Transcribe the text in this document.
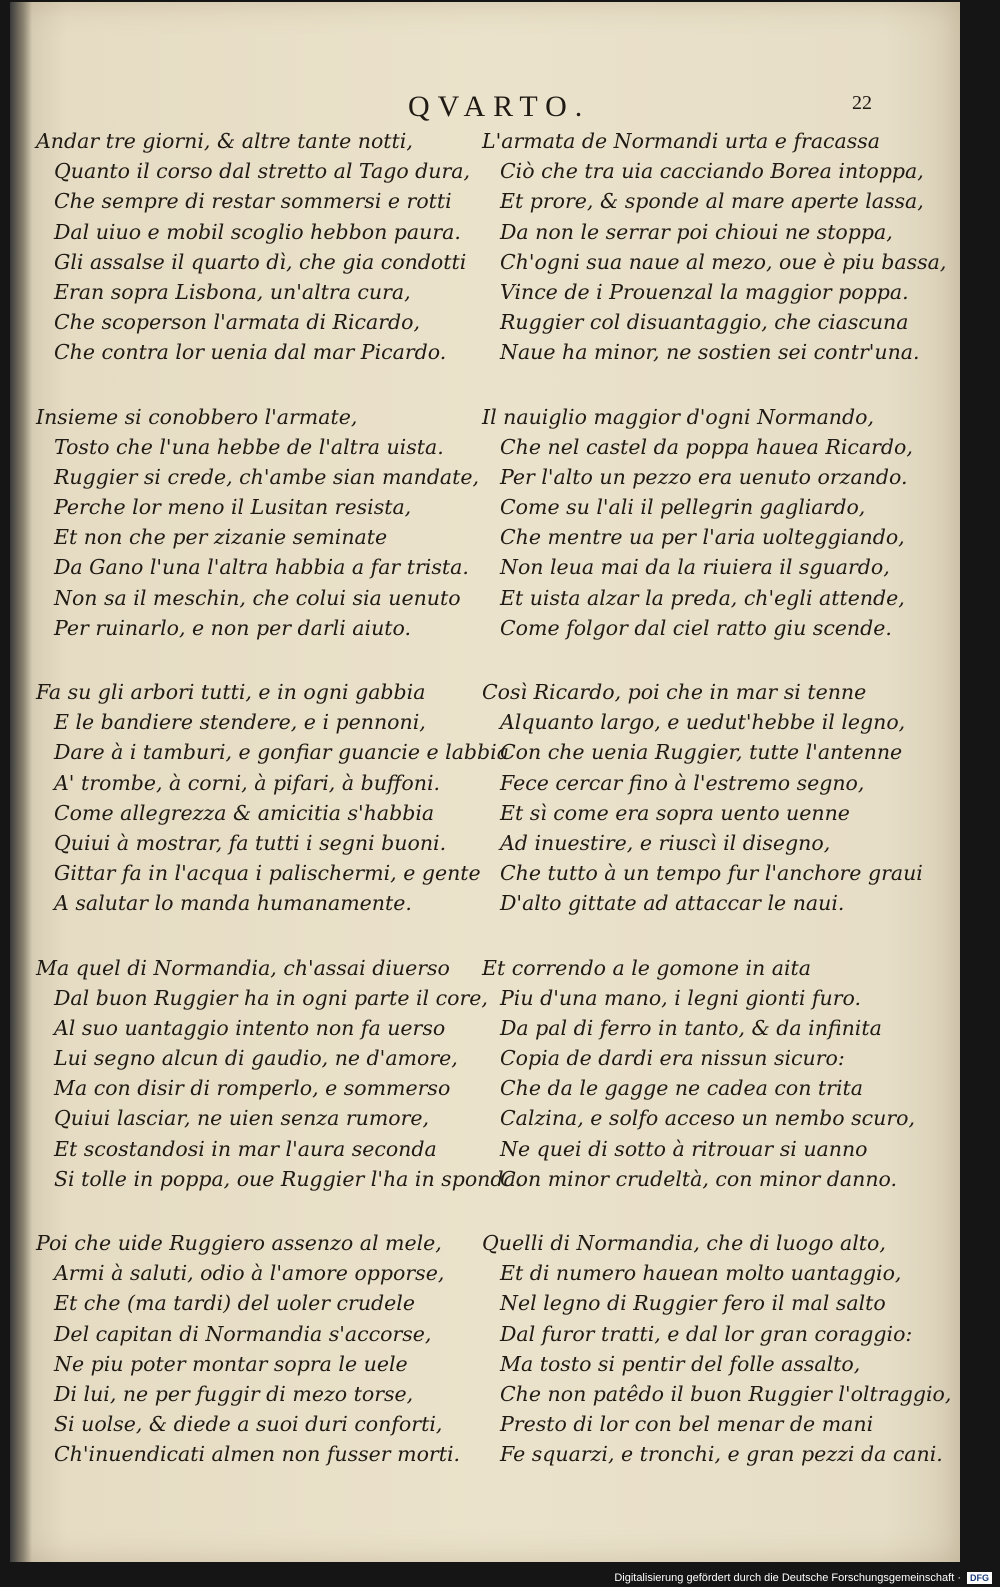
QVARTO.	22
Andar tre giorni, & altre tante notti,
Quanto il corso dal stretto al Tago dura,
Che sempre di restar sommersi e rotti
Dal uiuo e mobil scoglio hebbon paura.
Gli assalse il quarto dì, che gia condotti
Eran sopra Lisbona, un'altra cura,
Che scoperson l'armata di Ricardo,
Che contra lor uenia dal mar Picardo.
Insieme si conobbero l'armate,
Tosto che l'una hebbe de l'altra uista.
Ruggier si crede, ch'ambe sian mandate,
Perche lor meno il Lusitan resista,
Et non che per zizanie seminate
Da Gano l'una l'altra habbia a far trista.
Non sa il meschin, che colui sia uenuto
Per ruinarlo, e non per darli aiuto.
Fa su gli arbori tutti, e in ogni gabbia
E le bandiere stendere, e i pennoni,
Dare à i tamburi, e gonfiar guancie e labbia
A' trombe, à corni, à pifari, à buffoni.
Come allegrezza & amicitia s'habbia
Quiui à mostrar, fa tutti i segni buoni.
Gittar fa in l'acqua i palischermi, e gente
A salutar lo manda humanamente.
Ma quel di Normandia, ch'assai diuerso
Dal buon Ruggier ha in ogni parte il core,
Al suo uantaggio intento non fa uerso
Lui segno alcun di gaudio, ne d'amore,
Ma con disir di romperlo, e sommerso
Quiui lasciar, ne uien senza rumore,
Et scostandosi in mar l'aura seconda
Si tolle in poppa, oue Ruggier l'ha in sponda.
Poi che uide Ruggiero assenzo al mele,
Armi à saluti, odio à l'amore opporse,
Et che (ma tardi) del uoler crudele
Del capitan di Normandia s'accorse,
Ne piu poter montar sopra le uele
Di lui, ne per fuggir di mezo torse,
Si uolse, & diede a suoi duri conforti,
Ch'inuendicati almen non fusser morti.
L'armata de Normandi urta e fracassa
Ciò che tra uia cacciando Borea intoppa,
Et prore, & sponde al mare aperte lassa,
Da non le serrar poi chioui ne stoppa,
Ch'ogni sua naue al mezo, oue è piu bassa,
Vince de i Prouenzal la maggior poppa.
Ruggier col disuantaggio, che ciascuna
Naue ha minor, ne sostien sei contr'una.
Il nauiglio maggior d'ogni Normando,
Che nel castel da poppa hauea Ricardo,
Per l'alto un pezzo era uenuto orzando.
Come su l'ali il pellegrin gagliardo,
Che mentre ua per l'aria uolteggiando,
Non leua mai da la riuiera il sguardo,
Et uista alzar la preda, ch'egli attende,
Come folgor dal ciel ratto giu scende.
Così Ricardo, poi che in mar si tenne
Alquanto largo, e uedut'hebbe il legno,
Con che uenia Ruggier, tutte l'antenne
Fece cercar fino à l'estremo segno,
Et sì come era sopra uento uenne
Ad inuestire, e riuscì il disegno,
Che tutto à un tempo fur l'anchore graui
D'alto gittate ad attaccar le naui.
Et correndo a le gomone in aita
Piu d'una mano, i legni gionti furo.
Da pal di ferro in tanto, & da infinita
Copia de dardi era nissun sicuro:
Che da le gagge ne cadea con trita
Calzina, e solfo acceso un nembo scuro,
Ne quei di sotto à ritrouar si uanno
Con minor crudeltà, con minor danno.
Quelli di Normandia, che di luogo alto,
Et di numero hauean molto uantaggio,
Nel legno di Ruggier fero il mal salto
Dal furor tratti, e dal lor gran coraggio:
Ma tosto si pentir del folle assalto,
Che non patêdo il buon Ruggier l'oltraggio,
Presto di lor con bel menar de mani
Fe squarzi, e tronchi, e gran pezzi da cani.
Digitalisierung gefördert durch die Deutsche Forschungsgemeinschaft ·	DFG
